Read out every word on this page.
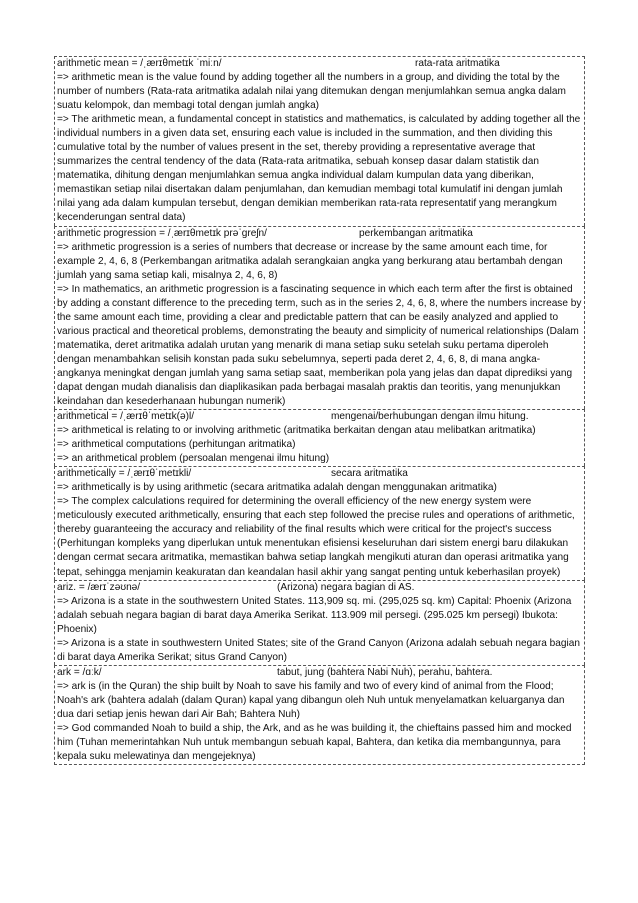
arithmetic mean = /ˌærɪθmetɪk ˈmiːn/	rata-rata aritmatika
=> arithmetic mean is the value found by adding together all the numbers in a group, and dividing the total by the number of numbers (Rata-rata aritmatika adalah nilai yang ditemukan dengan menjumlahkan semua angka dalam suatu kelompok, dan membagi total dengan jumlah angka)
=> The arithmetic mean, a fundamental concept in statistics and mathematics, is calculated by adding together all the individual numbers in a given data set, ensuring each value is included in the summation, and then dividing this cumulative total by the number of values present in the set, thereby providing a representative average that summarizes the central tendency of the data (Rata-rata aritmatika, sebuah konsep dasar dalam statistik dan matematika, dihitung dengan menjumlahkan semua angka individual dalam kumpulan data yang diberikan, memastikan setiap nilai disertakan dalam penjumlahan, dan kemudian membagi total kumulatif ini dengan jumlah nilai yang ada dalam kumpulan tersebut, dengan demikian memberikan rata-rata representatif yang merangkum kecenderungan sentral data)
arithmetic progression = /ˌærɪθmetɪk prəˈɡreʃn/	perkembangan aritmatika
=> arithmetic progression is a series of numbers that decrease or increase by the same amount each time, for example 2, 4, 6, 8 (Perkembangan aritmatika adalah serangkaian angka yang berkurang atau bertambah dengan jumlah yang sama setiap kali, misalnya 2, 4, 6, 8)
=> In mathematics, an arithmetic progression is a fascinating sequence in which each term after the first is obtained by adding a constant difference to the preceding term, such as in the series 2, 4, 6, 8, where the numbers increase by the same amount each time, providing a clear and predictable pattern that can be easily analyzed and applied to various practical and theoretical problems, demonstrating the beauty and simplicity of numerical relationships (Dalam matematika, deret aritmatika adalah urutan yang menarik di mana setiap suku setelah suku pertama diperoleh dengan menambahkan selisih konstan pada suku sebelumnya, seperti pada deret 2, 4, 6, 8, di mana angka-angkanya meningkat dengan jumlah yang sama setiap saat, memberikan pola yang jelas dan dapat diprediksi yang dapat dengan mudah dianalisis dan diaplikasikan pada berbagai masalah praktis dan teoritis, yang menunjukkan keindahan dan kesederhanaan hubungan numerik)
arithmetical = /ˌærɪθˈmetɪk(ə)l/	mengenai/berhubungan dengan ilmu hitung.
=> arithmetical is relating to or involving arithmetic (aritmatika berkaitan dengan atau melibatkan aritmatika)
=> arithmetical computations (perhitungan aritmatika)
=> an arithmetical problem (persoalan mengenai ilmu hitung)
arithmetically = /ˌærɪθˈmetɪkli/	secara aritmatika
=> arithmetically is by using arithmetic (secara aritmatika adalah dengan menggunakan aritmatika)
=> The complex calculations required for determining the overall efficiency of the new energy system were meticulously executed arithmetically, ensuring that each step followed the precise rules and operations of arithmetic, thereby guaranteeing the accuracy and reliability of the final results which were critical for the project's success (Perhitungan kompleks yang diperlukan untuk menentukan efisiensi keseluruhan dari sistem energi baru dilakukan dengan cermat secara aritmatika, memastikan bahwa setiap langkah mengikuti aturan dan operasi aritmatika yang tepat, sehingga menjamin keakuratan dan keandalan hasil akhir yang sangat penting untuk keberhasilan proyek)
ariz. = /ærɪˈzəʊnə/	(Arizona) negara bagian di AS.
=> Arizona is a state in the southwestern United States. 113,909 sq. mi. (295,025 sq. km) Capital: Phoenix (Arizona adalah sebuah negara bagian di barat daya Amerika Serikat. 113.909 mil persegi. (295.025 km persegi) Ibukota: Phoenix)
=> Arizona is a state in southwestern United States; site of the Grand Canyon (Arizona adalah sebuah negara bagian di barat daya Amerika Serikat; situs Grand Canyon)
ark = /ɑːk/	tabut, jung (bahtera Nabi Nuh), perahu, bahtera.
=> ark is (in the Quran) the ship built by Noah to save his family and two of every kind of animal from the Flood; Noah's ark (bahtera adalah (dalam Quran) kapal yang dibangun oleh Nuh untuk menyelamatkan keluarganya dan dua dari setiap jenis hewan dari Air Bah; Bahtera Nuh)
=> God commanded Noah to build a ship, the Ark, and as he was building it, the chieftains passed him and mocked him (Tuhan memerintahkan Nuh untuk membangun sebuah kapal, Bahtera, dan ketika dia membangunnya, para kepala suku melewatinya dan mengejeknya)
